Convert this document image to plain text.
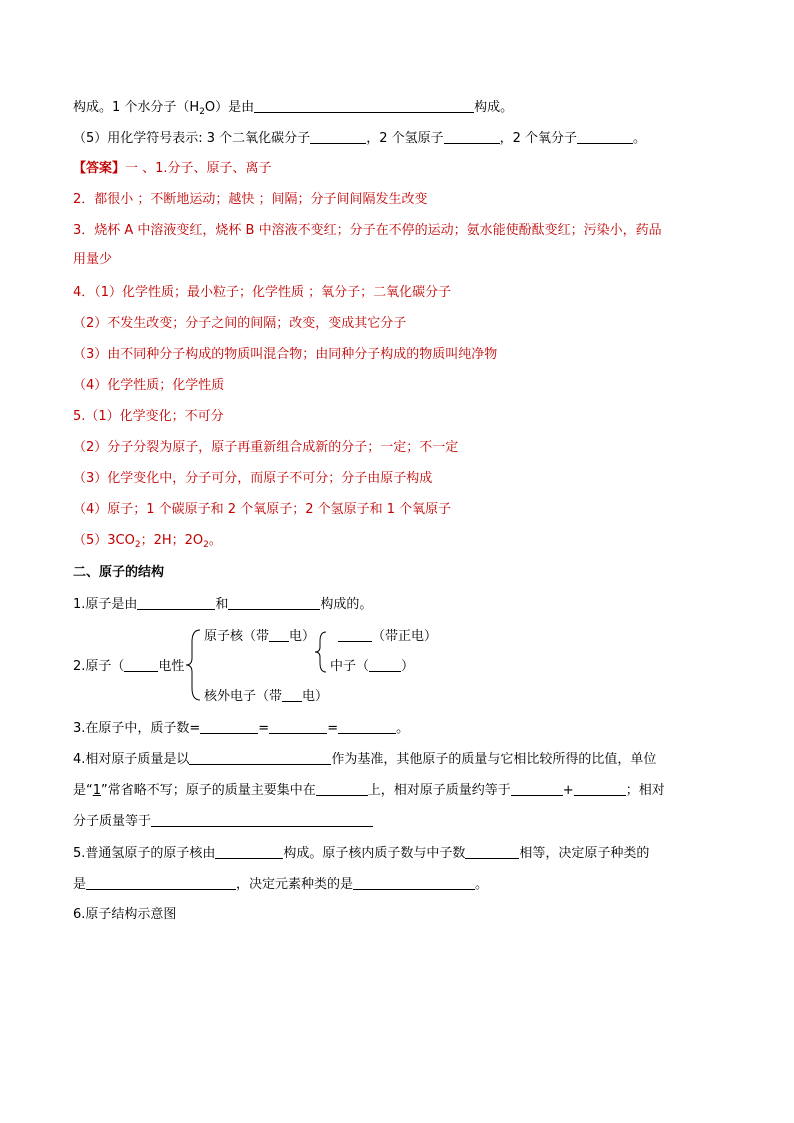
构成。1 个水分子$(H_2O)$是由	构成。
（5）用化学符号表示: 3 个二氧化碳分子	，2 个氢原子	，2 个氧分子	。
【答案】一 、1.分子、原子、离子
2．都很小 ；不断地运动；越快 ；间隔；分子间间隔发生改变
3．烧杯 A 中溶液变红，烧杯 B 中溶液不变红；分子在不停的运动；氨水能使酚酞变红；污染小，药品
用量少
4．（1）化学性质；最小粒子；化学性质 ；氧分子；二氧化碳分子
（2）不发生改变；分子之间的间隔；改变，变成其它分子
（3）由不同种分子构成的物质叫混合物；由同种分子构成的物质叫纯净物
（4）化学性质；化学性质
5.（1）化学变化；不可分
（2）分子分裂为原子，原子再重新组合成新的分子；一定；不一定
（3）化学变化中，分子可分，而原子不可分；分子由原子构成
（4）原子；1 个碳原子和 2 个氧原子；2 个氢原子和 1 个氧原子
$(5)3CO_2$；2H；$2O_2$。
二、原子的结构
1.原子是由	和	构成的。
2.原子（	电性
原子核（带 电）	（带正电）
中子（ ）
核外电子（带 电）
3.在原子中，质子数=	=	=	。
4.相对原子质量是以	作为基准，其他原子的质量与它相比较所得的比值，单位
是“1”常省略不写；原子的质量主要集中在	上，相对原子质量约等于	+	；相对
分子质量等于
5.普通氢原子的原子核由	构成。原子核内质子数与中子数	相等，决定原子种类的
是	，决定元素种类的是	。
6.原子结构示意图
